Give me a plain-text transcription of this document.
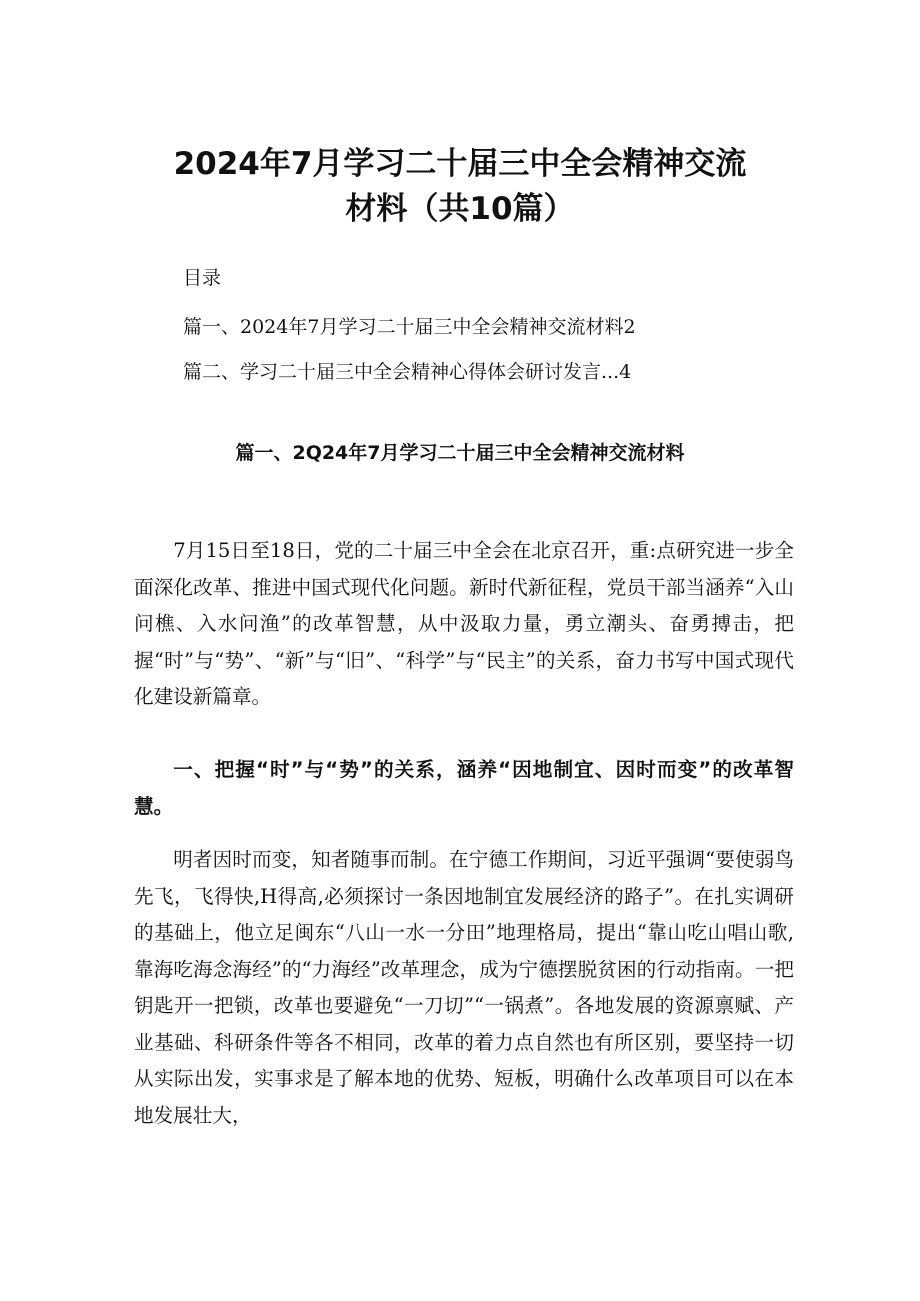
2024年7月学习二十届三中全会精神交流
材料（共10篇）
目录
篇一、2024年7月学习二十届三中全会精神交流材料2
篇二、学习二十届三中全会精神心得体会研讨发言...4
篇一、2Q24年7月学习二十届三中全会精神交流材料

7月15日至18日，党的二十届三中全会在北京召开，重:点研究进一步全面深化改革、推进中国式现代化问题。新时代新征程，党员干部当涵养“入山问樵、入水问渔”的改革智慧，从中汲取力量，勇立潮头、奋勇搏击，把握“时”与“势”、“新”与“旧”、“科学”与“民主”的关系，奋力书写中国式现代化建设新篇章。

一、把握“时”与“势”的关系，涵养“因地制宜、因时而变”的改革智慧。

明者因时而变，知者随事而制。在宁德工作期间，习近平强调“要使弱鸟先飞，飞得快,H得高,必须探讨一条因地制宜发展经济的路子”。在扎实调研的基础上，他立足闽东“八山一水一分田”地理格局，提出“靠山吃山唱山歌,靠海吃海念海经”的“力海经”改革理念，成为宁德摆脱贫困的行动指南。一把钥匙开一把锁，改革也要避免“一刀切”“一锅煮”。各地发展的资源禀赋、产业基础、科研条件等各不相同，改革的着力点自然也有所区别，要坚持一切从实际出发，实事求是了解本地的优势、短板，明确什么改革项目可以在本地发展壮大，
